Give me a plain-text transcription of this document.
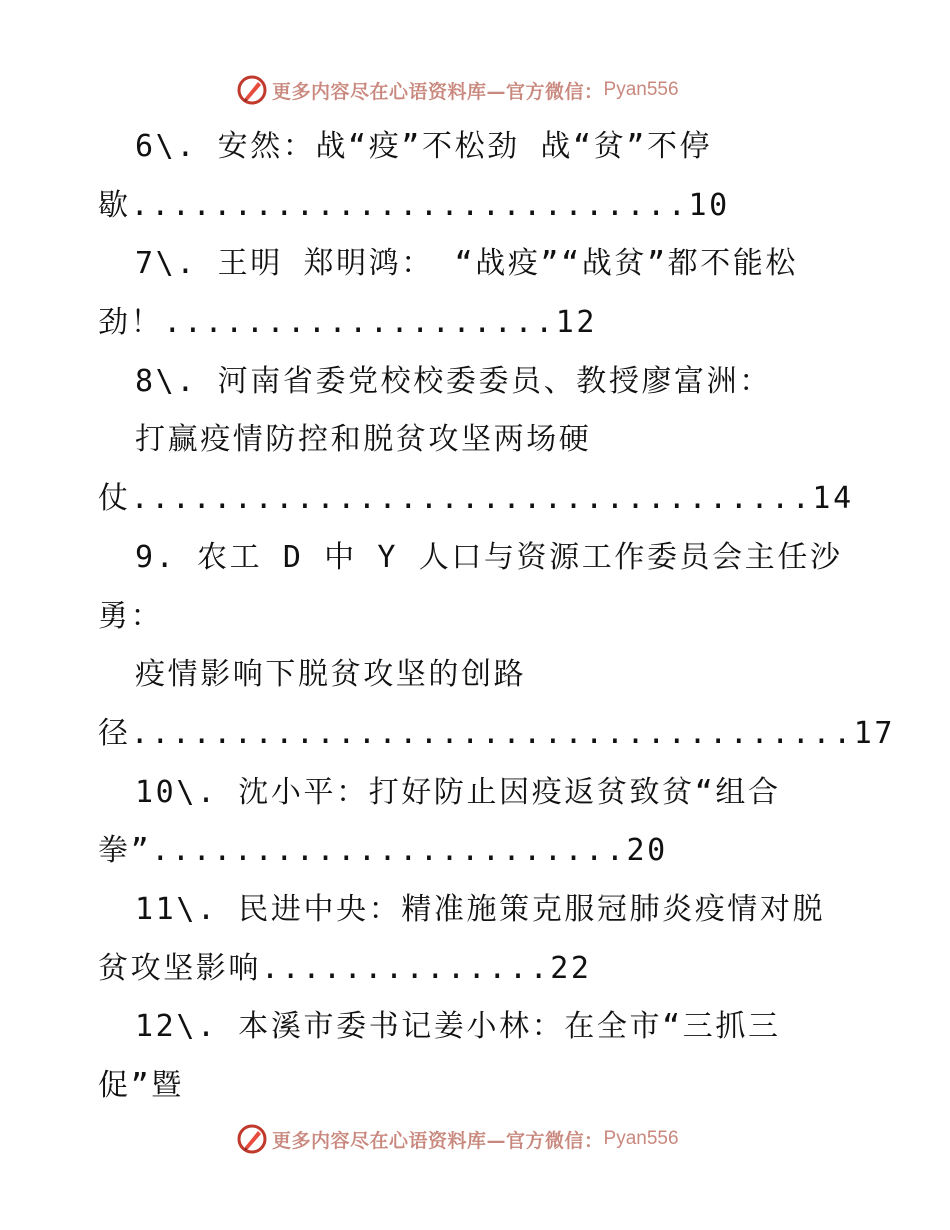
更多内容尽在心语资料库—官方微信： Pyan556
6\. 安然：战“疫”不松劲 战“贫”不停
歇...........................10
7\. 王明 郑明鸿： “战疫”“战贫”都不能松
劲！...................12
8\. 河南省委党校校委委员、教授廖富洲：
打赢疫情防控和脱贫攻坚两场硬
仗.................................14
9. 农工 D 中 Y 人口与资源工作委员会主任沙
勇：
疫情影响下脱贫攻坚的创路
径...................................17
10\. 沈小平：打好防止因疫返贫致贫“组合
拳”.......................20
11\. 民进中央：精准施策克服冠肺炎疫情对脱
贫攻坚影响..............22
12\. 本溪市委书记姜小林：在全市“三抓三
促”暨
更多内容尽在心语资料库—官方微信： Pyan556
